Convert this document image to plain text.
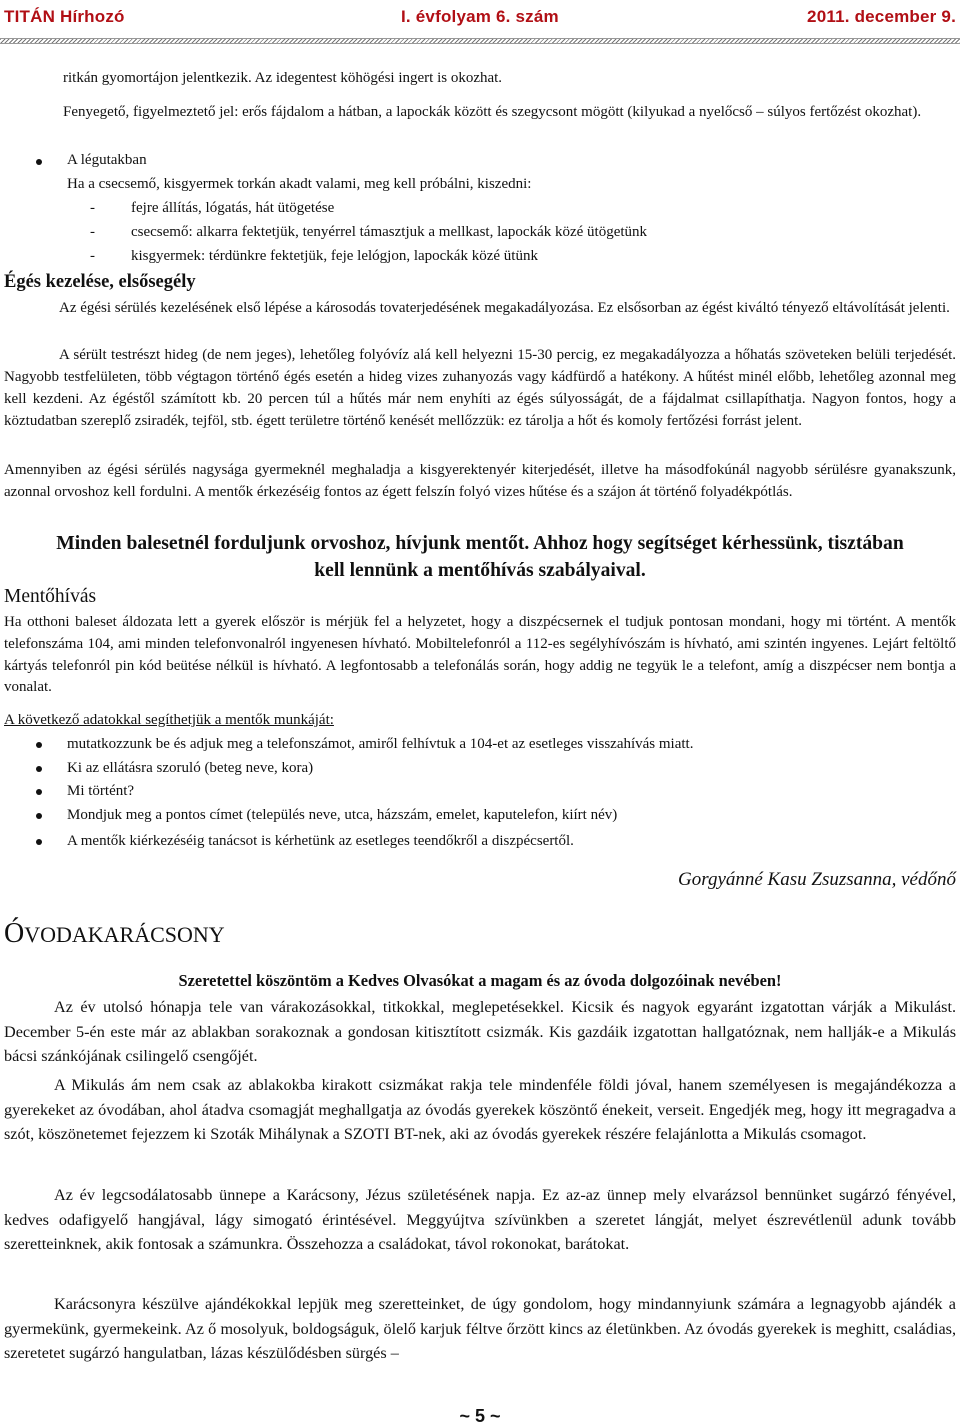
TITÁN Hírhozó	I. évfolyam 6. szám	2011. december 9.
ritkán gyomortájon jelentkezik. Az idegentest köhögési ingert is okozhat.
Fenyegető, figyelmeztető jel: erős fájdalom a hátban, a lapockák között és szegycsont mögött (kilyukad a nyelőcső – súlyos fertőzést okozhat).
A légutakban
Ha a csecsemő, kisgyermek torkán akadt valami, meg kell próbálni, kiszedni:
- fejre állítás, lógatás, hát ütögetése
- csecsemő: alkarra fektetjük, tenyérrel támasztjuk a mellkast, lapockák közé ütögetünk
- kisgyermek: térdünkre fektetjük, feje lelógjon, lapockák közé ütünk
Égés kezelése, elsősegély
Az égési sérülés kezelésének első lépése a károsodás tovaterjedésének megakadályozása. Ez elsősorban az égést kiváltó tényező eltávolítását jelenti.
A sérült testrészt hideg (de nem jeges), lehetőleg folyóvíz alá kell helyezni 15-30 percig, ez megakadályozza a hőhatás szöveteken belüli terjedését. Nagyobb testfelületen, több végtagon történő égés esetén a hideg vizes zuhanyozás vagy kádfürdő a hatékony. A hűtést minél előbb, lehetőleg azonnal meg kell kezdeni. Az égéstől számított kb. 20 percen túl a hűtés már nem enyhíti az égés súlyosságát, de a fájdalmat csillapíthatja. Nagyon fontos, hogy a köztudatban szereplő zsiradék, tejföl, stb. égett területre történő kenését mellőzzük: ez tárolja a hőt és komoly fertőzési forrást jelent.
Amennyiben az égési sérülés nagysága gyermeknél meghaladja a kisgyerektenyér kiterjedését, illetve ha másodfokúnál nagyobb sérülésre gyanakszunk, azonnal orvoshoz kell fordulni. A mentők érkezéséig fontos az égett felszín folyó vizes hűtése és a szájon át történő folyadékpótlás.
Minden balesetnél forduljunk orvoshoz, hívjunk mentőt. Ahhoz hogy segítséget kérhessünk, tisztában
kell lennünk a mentőhívás szabályaival.
Mentőhívás
Ha otthoni baleset áldozata lett a gyerek először is mérjük fel a helyzetet, hogy a diszpécsernek el tudjuk pontosan mondani, hogy mi történt. A mentők telefonszáma 104, ami minden telefonvonalról ingyenesen hívható. Mobiltelefonról a 112-es segélyhívószám is hívható, ami szintén ingyenes. Lejárt feltöltő kártyás telefonról pin kód beütése nélkül is hívható. A legfontosabb a telefonálás során, hogy addig ne tegyük le a telefont, amíg a diszpécser nem bontja a vonalat.
A következő adatokkal segíthetjük a mentők munkáját:
mutatkozzunk be és adjuk meg a telefonszámot, amiről felhívtuk a 104-et az esetleges visszahívás miatt.
Ki az ellátásra szoruló (beteg neve, kora)
Mi történt?
Mondjuk meg a pontos címet (település neve, utca, házszám, emelet, kaputelefon, kiírt név)
A mentők kiérkezéséig tanácsot is kérhetünk az esetleges teendőkről a diszpécsertől.
Gorgyánné Kasu Zsuzsanna, védőnő
ÓVODAKARÁCSONY
Szeretettel köszöntöm a Kedves Olvasókat a magam és az óvoda dolgozóinak nevében!
Az év utolsó hónapja tele van várakozásokkal, titkokkal, meglepetésekkel. Kicsik és nagyok egyaránt izgatottan várják a Mikulást. December 5-én este már az ablakban sorakoznak a gondosan kitisztított csizmák. Kis gazdáik izgatottan hallgatóznak, nem hallják-e a Mikulás bácsi szánkójának csilingelő csengőjét.
A Mikulás ám nem csak az ablakokba kirakott csizmákat rakja tele mindenféle földi jóval, hanem személyesen is megajándékozza a gyerekeket az óvodában, ahol átadva csomagját meghallgatja az óvodás gyerekek köszöntő énekeit, verseit. Engedjék meg, hogy itt megragadva a szót, köszönetemet fejezzem ki Szoták Mihálynak a SZOTI BT-nek, aki az óvodás gyerekek részére felajánlotta a Mikulás csomagot.
Az év legcsodálatosabb ünnepe a Karácsony, Jézus születésének napja. Ez az-az ünnep mely elvarázsol bennünket sugárzó fényével, kedves odafigyelő hangjával, lágy simogató érintésével. Meggyújtva szívünkben a szeretet lángját, melyet észrevétlenül adunk tovább szeretteinknek, akik fontosak a számunkra. Összehozza a családokat, távol rokonokat, barátokat.
Karácsonyra készülve ajándékokkal lepjük meg szeretteinket, de úgy gondolom, hogy mindannyiunk számára a legnagyobb ajándék a gyermekünk, gyermekeink. Az ő mosolyuk, boldogságuk, ölelő karjuk féltve őrzött kincs az életünkben. Az óvodás gyerekek is meghitt, családias, szeretetet sugárzó hangulatban, lázas készülődésben sürgés –
~ 5 ~
